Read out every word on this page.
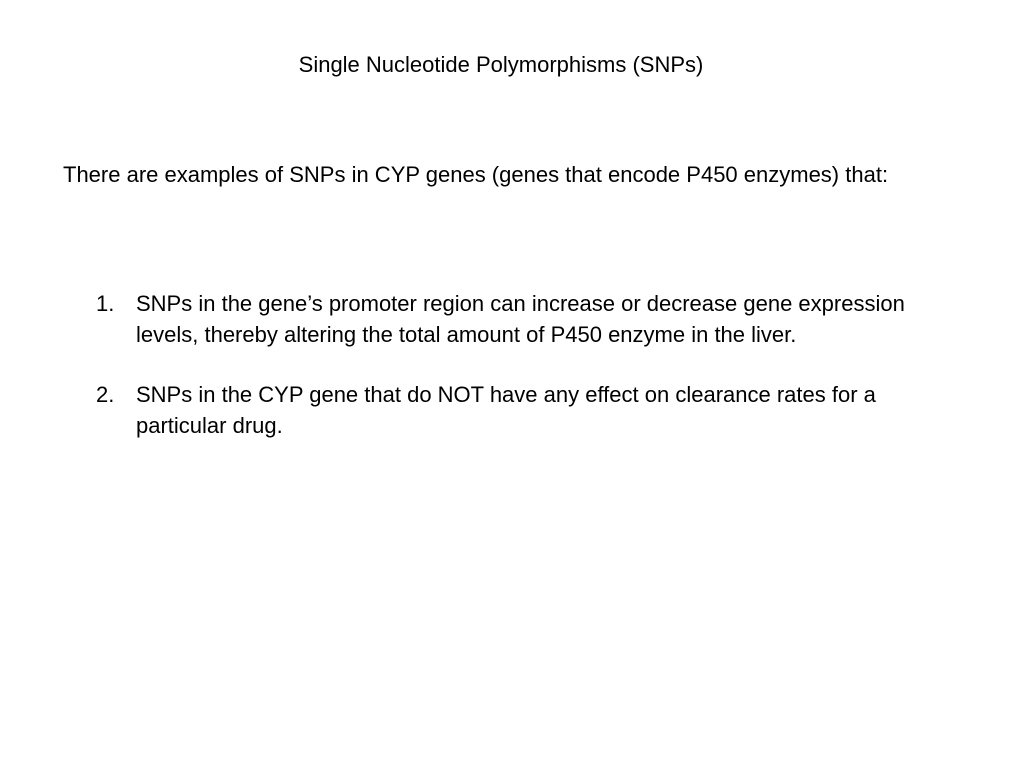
Single Nucleotide Polymorphisms (SNPs)

There are examples of SNPs in CYP genes (genes that encode P450 enzymes) that:

1. SNPs in the gene’s promoter region can increase or decrease gene expression levels, thereby altering the total amount of P450 enzyme in the liver.
2. SNPs in the CYP gene that do NOT have any effect on clearance rates for a particular drug.
